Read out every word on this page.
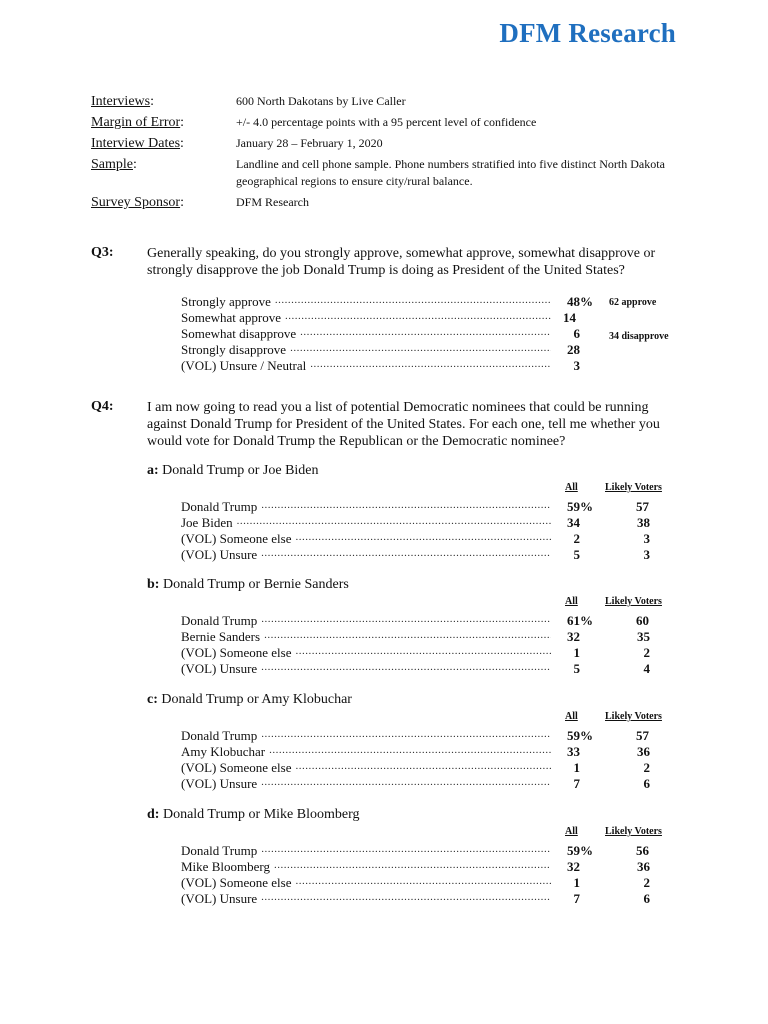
DFM Research
Interviews:	600 North Dakotans by Live Caller
Margin of Error:	+/- 4.0 percentage points with a 95 percent level of confidence
Interview Dates:	January 28 – February 1, 2020
Sample:	Landline and cell phone sample. Phone numbers stratified into five distinct North Dakota geographical regions to ensure city/rural balance.
Survey Sponsor:	DFM Research
Q3: Generally speaking, do you strongly approve, somewhat approve, somewhat disapprove or strongly disapprove the job Donald Trump is doing as President of the United States?
Strongly approve .....	48%
Somewhat approve .....	14
Somewhat disapprove .....	6
Strongly disapprove .....	28
(VOL) Unsure / Neutral .....	3
62 approve
34 disapprove
Q4: I am now going to read you a list of potential Democratic nominees that could be running against Donald Trump for President of the United States. For each one, tell me whether you would vote for Donald Trump the Republican or the Democratic nominee?
a: Donald Trump or Joe Biden
All	Likely Voters
Donald Trump .....	59%	57
Joe Biden .....	34	38
(VOL) Someone else .....	2	3
(VOL) Unsure .....	5	3
b: Donald Trump or Bernie Sanders
All	Likely Voters
Donald Trump .....	61%	60
Bernie Sanders .....	32	35
(VOL) Someone else .....	1	2
(VOL) Unsure .....	5	4
c: Donald Trump or Amy Klobuchar
All	Likely Voters
Donald Trump .....	59%	57
Amy Klobuchar .....	33	36
(VOL) Someone else .....	1	2
(VOL) Unsure .....	7	6
d: Donald Trump or Mike Bloomberg
All	Likely Voters
Donald Trump .....	59%	56
Mike Bloomberg .....	32	36
(VOL) Someone else .....	1	2
(VOL) Unsure .....	7	6
